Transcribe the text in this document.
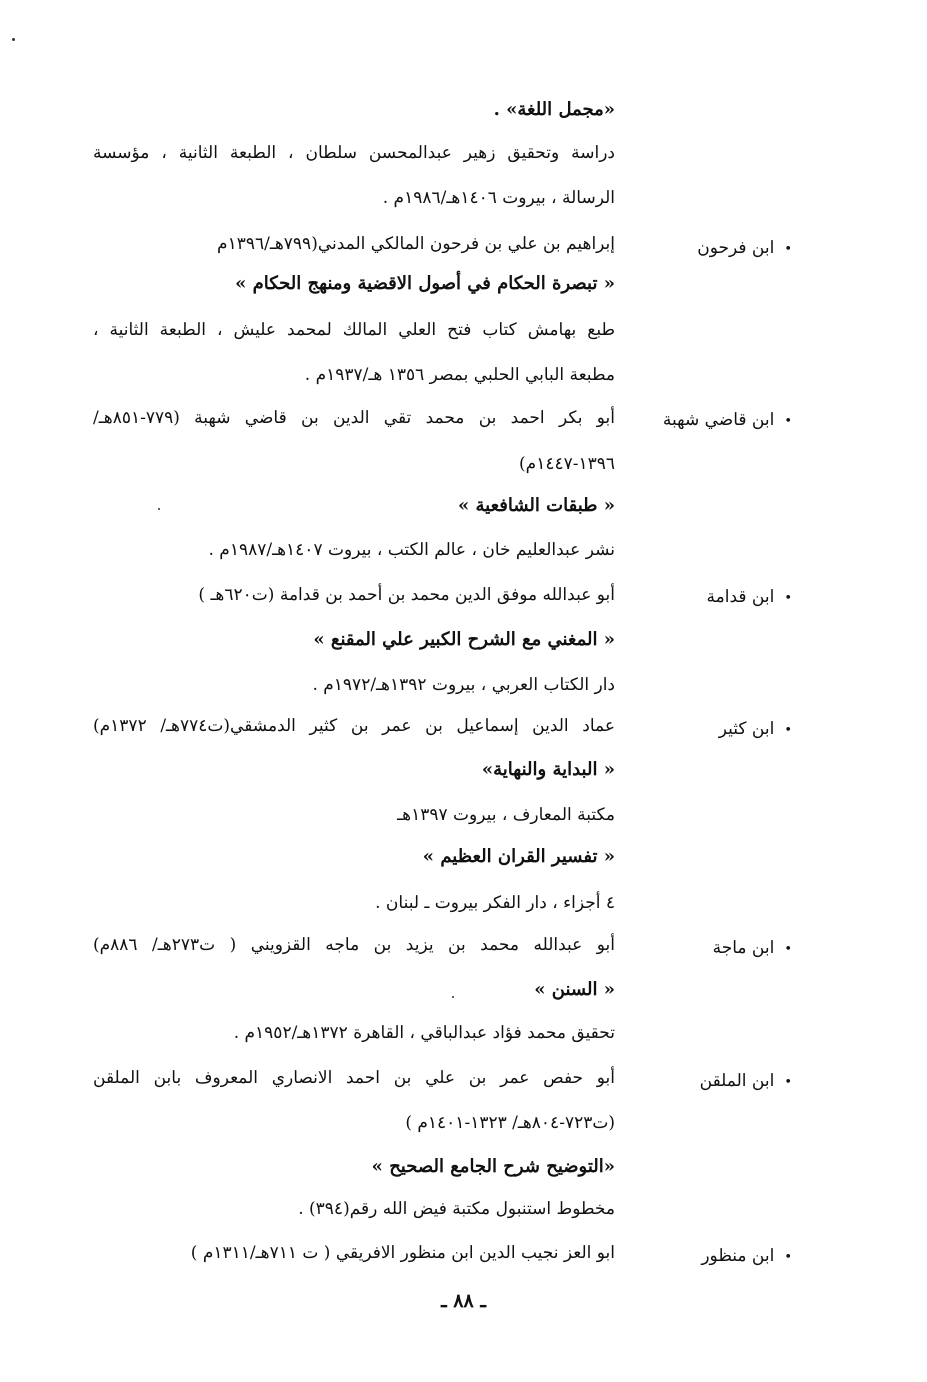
«مجمل اللغة» .
دراسة وتحقيق زهير عبدالمحسن سلطان ، الطبعة الثانية ، مؤسسة
الرسالة ، بيروت ١٤٠٦هـ/١٩٨٦م .
إبراهيم بن علي بن فرحون المالكي المدني(٧٩٩هـ/١٣٩٦م
« تبصرة الحكام في أصول الاقضية ومنهج الحكام »
طبع بهامش كتاب فتح العلي المالك لمحمد عليش ، الطبعة الثانية ،
مطبعة البابي الحلبي بمصر ١٣٥٦ هـ/١٩٣٧م .
أبو بكر احمد بن محمد تقي الدين بن قاضي شهبة (٧٧٩-٨٥١هـ/
١٣٩٦-١٤٤٧م)
« طبقات الشافعية »
نشر عبدالعليم خان ، عالم الكتب ، بيروت ١٤٠٧هـ/١٩٨٧م .
أبو عبدالله موفق الدين محمد بن أحمد بن قدامة (ت٦٢٠هـ )
« المغني مع الشرح الكبير علي المقنع »
دار الكتاب العربي ، بيروت ١٣٩٢هـ/١٩٧٢م .
عماد الدين إسماعيل بن عمر بن كثير الدمشقي(ت٧٧٤هـ/ ١٣٧٢م)
« البداية والنهاية»
مكتبة المعارف ، بيروت ١٣٩٧هـ
« تفسير القران العظيم »
٤ أجزاء ، دار الفكر بيروت ـ لبنان .
أبو عبدالله محمد بن يزيد بن ماجه القزويني ( ت٢٧٣هـ/ ٨٨٦م)
« السنن »
تحقيق محمد فؤاد عبدالباقي ، القاهرة ١٣٧٢هـ/١٩٥٢م .
أبو حفص عمر بن علي بن احمد الانصاري المعروف بابن الملقن
(ت٧٢٣-٨٠٤هـ/ ١٣٢٣-١٤٠١م )
«التوضيح شرح الجامع الصحيح »
مخطوط استنبول مكتبة فيض الله رقم(٣٩٤) .
ابو العز نجيب الدين ابن منظور الافريقي ( ت ٧١١هـ/١٣١١م )
•ابن فرحون
•ابن قاضي شهبة
•ابن قدامة
•ابن كثير
•ابن ماجة
•ابن الملقن
•ابن منظور
ـ ٨٨ ـ
